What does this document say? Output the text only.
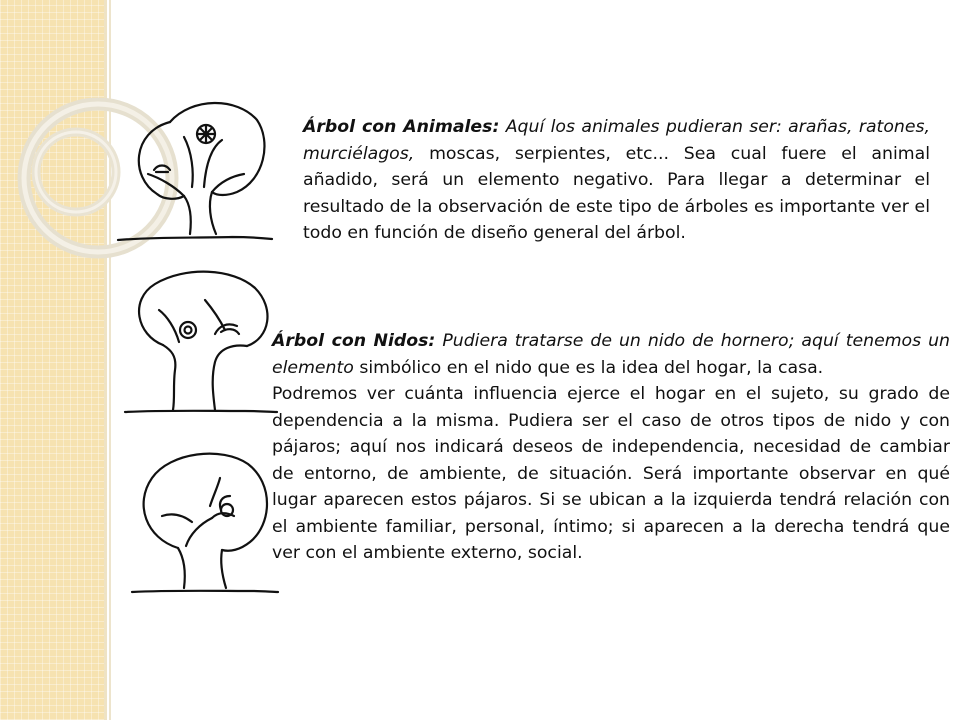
Árbol con Animales: Aquí los animales pudieran ser: arañas, ratones, murciélagos, moscas, serpientes, etc... Sea cual fuere el animal añadido, será un elemento negativo. Para llegar a determinar el resultado de la observación de este tipo de árboles es importante ver el todo en función de diseño general del árbol.

Árbol con Nidos: Pudiera tratarse de un nido de hornero; aquí tenemos un elemento simbólico en el nido que es la idea del hogar, la casa.

Podremos ver cuánta influencia ejerce el hogar en el sujeto, su grado de dependencia a la misma. Pudiera ser el caso de otros tipos de nido y con pájaros; aquí nos indicará deseos de independencia, necesidad de cambiar de entorno, de ambiente, de situación. Será importante observar en qué lugar aparecen estos pájaros. Si se ubican a la izquierda tendrá relación con el ambiente familiar, personal, íntimo; si aparecen a la derecha tendrá que ver con el ambiente externo, social.
